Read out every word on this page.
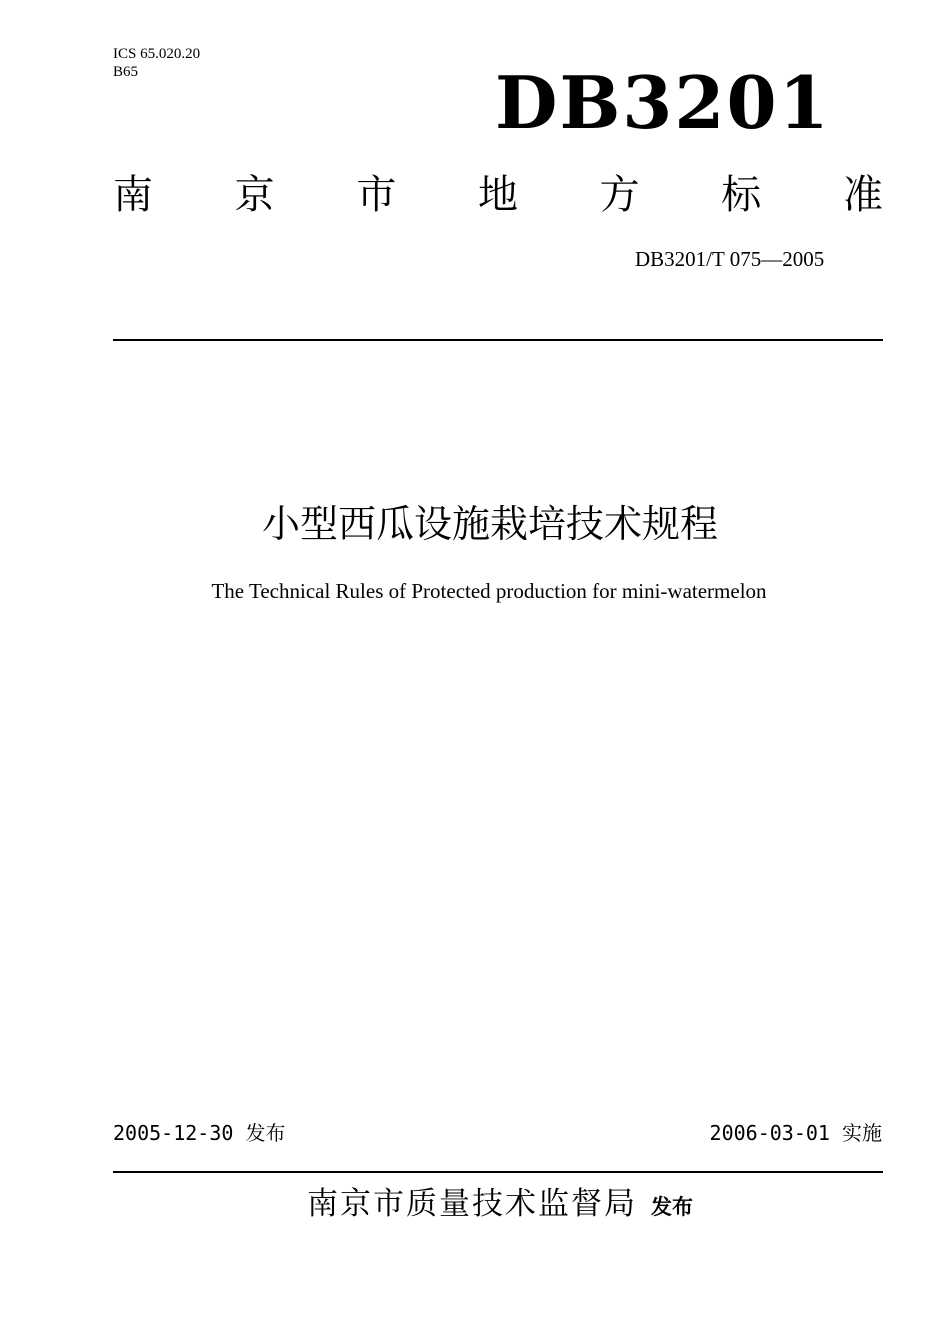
ICS 65.020.20
B65	DB3201
南 京 市 地 方 标 准
DB3201/T 075—2005
小型西瓜设施栽培技术规程
The Technical Rules of Protected production for mini-watermelon
2005-12-30 发布	2006-03-01 实施
南京市质量技术监督局 发布
